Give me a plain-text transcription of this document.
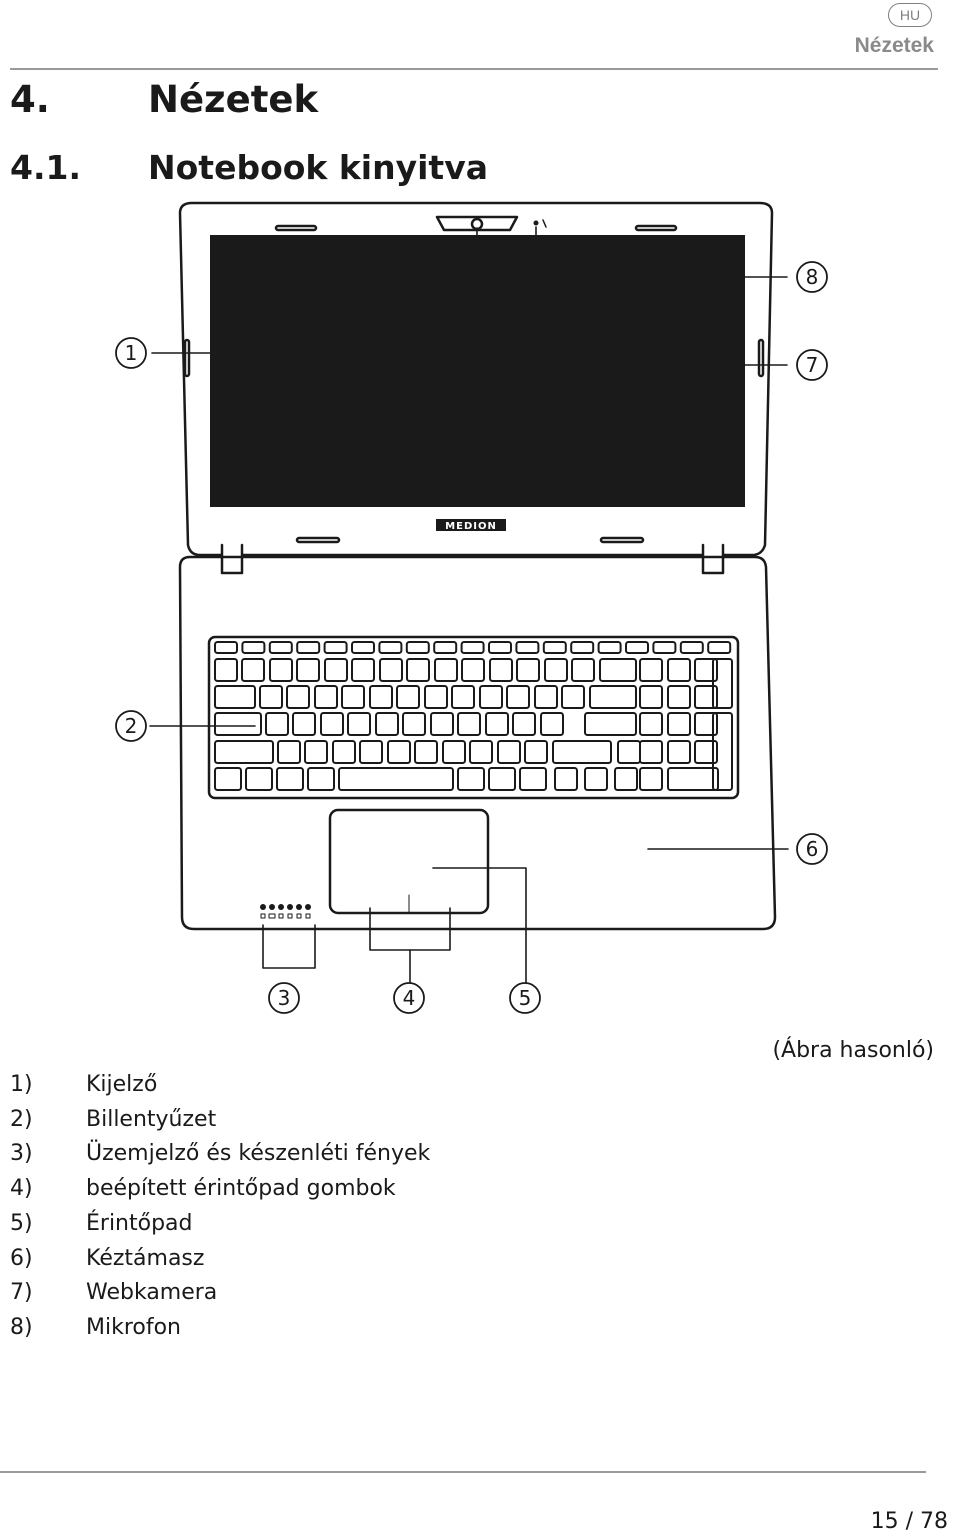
HU
Nézetek
4.	Nézetek
4.1. Notebook kinyitva
MEDION
1
2
3	4	5
6
7
8
(Ábra hasonló)
1)	Kijelző
2)	Billentyűzet
3)	Üzemjelző és készenléti fények
4)	beépített érintőpad gombok
5)	Érintőpad
6)	Kéztámasz
7)	Webkamera
8)	Mikrofon
15 / 78
